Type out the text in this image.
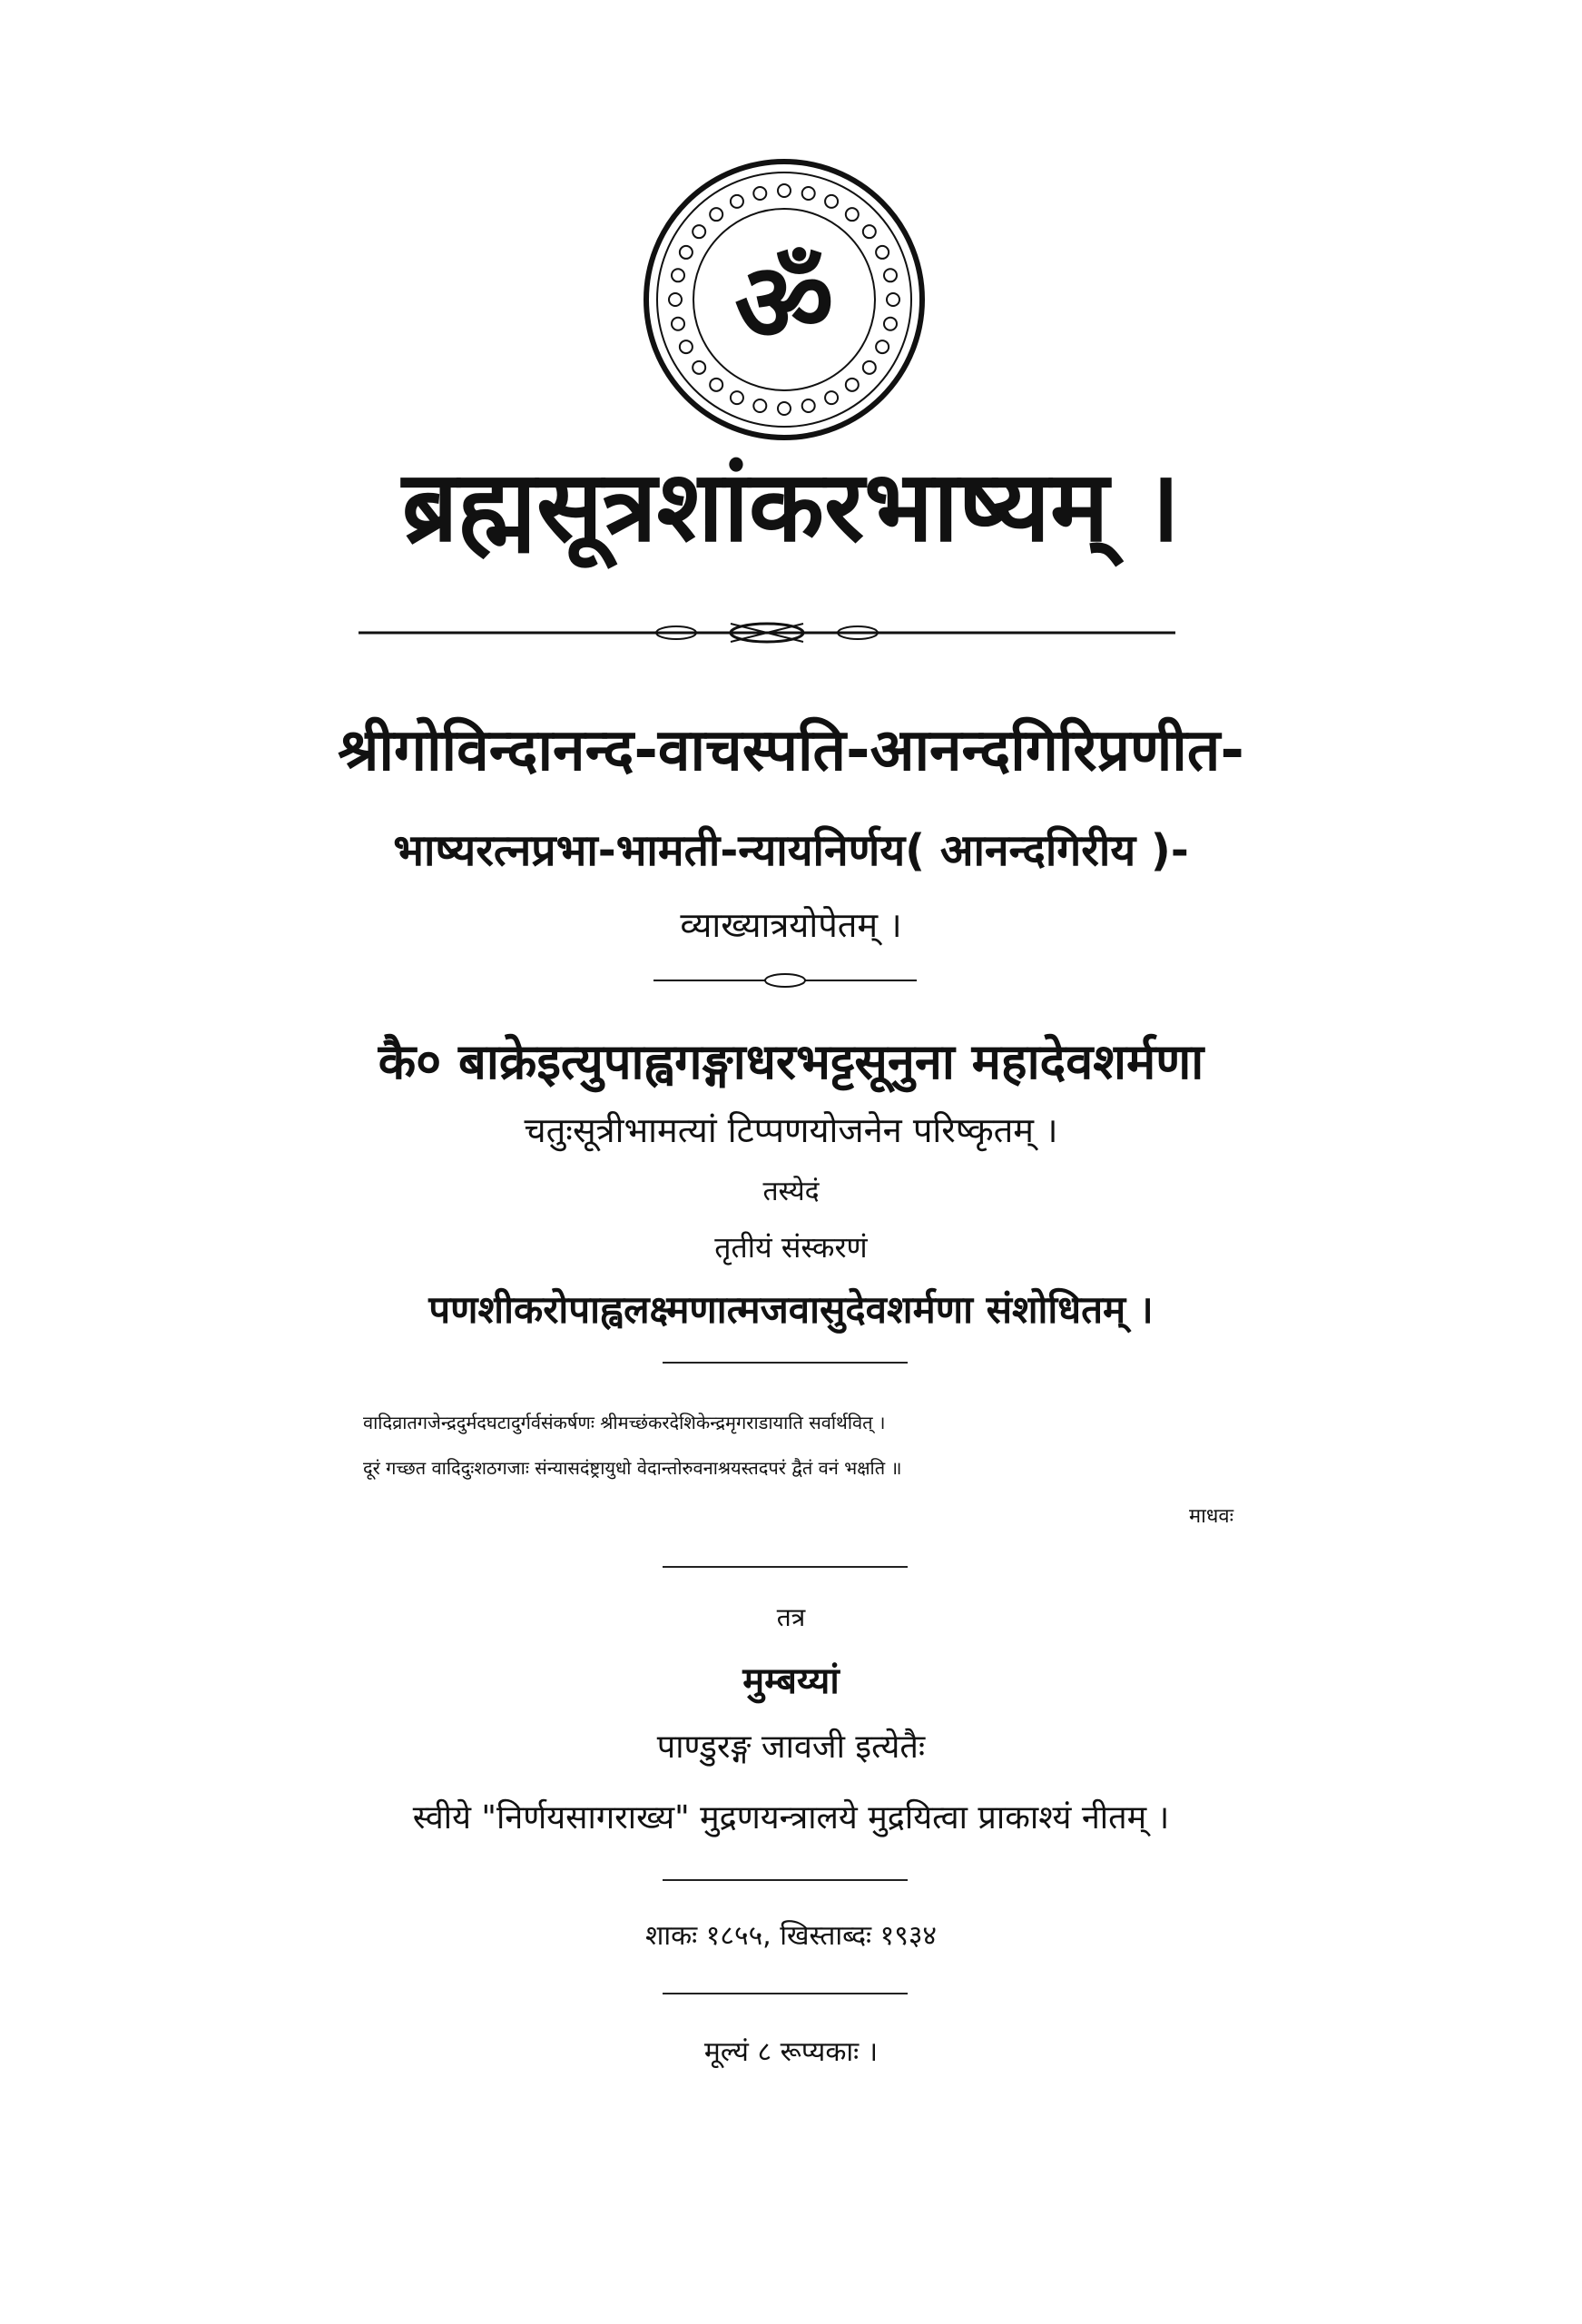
ॐ
ब्रह्मसूत्रशांकरभाष्यम् ।
श्रीगोविन्दानन्द-वाचस्पति-आनन्दगिरिप्रणीत-
भाष्यरत्नप्रभा-भामती-न्यायनिर्णय( आनन्दगिरीय )-
व्याख्यात्रयोपेतम् ।
कै० बाक्रेइत्युपाह्वगङ्गाधरभट्टसूनुना महादेवशर्मणा
चतुःसूत्रीभामत्यां टिप्पणयोजनेन परिष्कृतम् ।
तस्येदं
तृतीयं संस्करणं
पणशीकरोपाह्वलक्ष्मणात्मजवासुदेवशर्मणा संशोधितम् ।
वादिव्रातगजेन्द्रदुर्मदघटादुर्गर्वसंकर्षणः श्रीमच्छंकरदेशिकेन्द्रमृगराडायाति सर्वार्थवित् ।
दूरं गच्छत वादिदुःशठगजाः संन्यासदंष्ट्रायुधो वेदान्तोरुवनाश्रयस्तदपरं द्वैतं वनं भक्षति ॥
माधवः
तत्र
मुम्बय्यां
पाण्डुरङ्ग जावजी इत्येतैः
स्वीये "निर्णयसागराख्य" मुद्रणयन्त्रालये मुद्रयित्वा प्राकाश्यं नीतम् ।
शाकः १८५५, खिस्ताब्दः १९३४
मूल्यं ८ रूप्यकाः ।
